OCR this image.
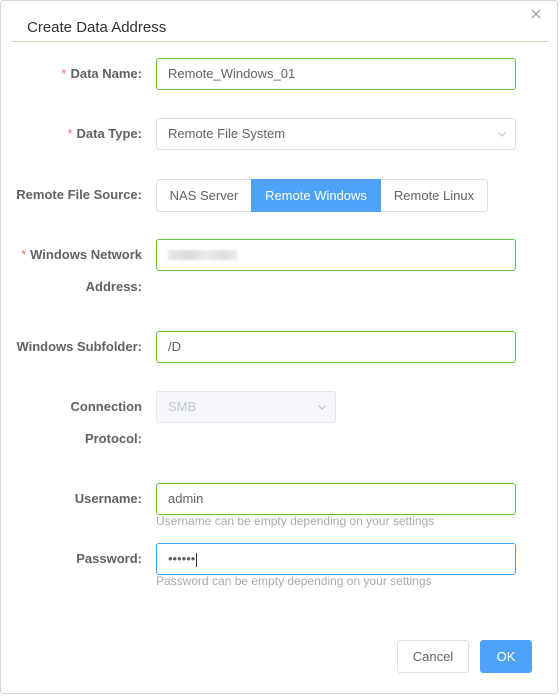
Create Data Address
* Data Name:	Remote_Windows_01
* Data Type:	Remote File System
Remote File Source:	NAS Server	Remote Windows	Remote Linux
* Windows Network Address:
Windows Subfolder:	/D
Connection Protocol:
SMB
Username:	admin
Username can be empty depending on your settings
Password:	••••••
Password can be empty depending on your settings
Cancel	OK
